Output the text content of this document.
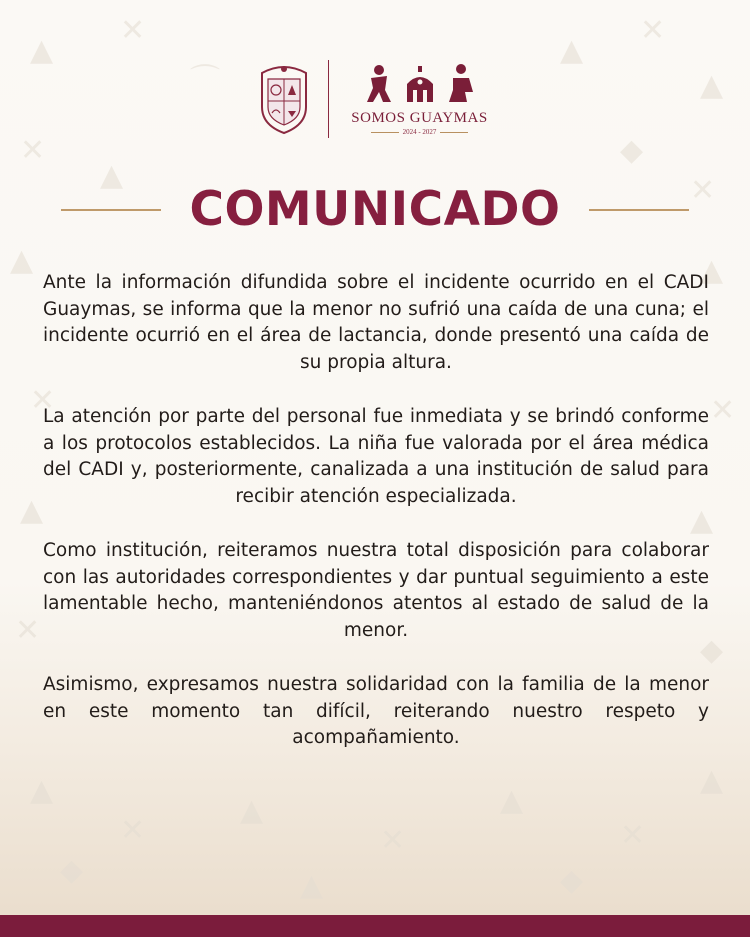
▲
✕
⌒
▲
✕
▲
✕
▲
◆
✕
▲	▲
✕	✕
▲	▲
✕
◆
▲
✕
▲
✕
▲
✕
▲
◆	▲	◆
SOMOS GUAYMAS
2024 - 2027
COMUNICADO

Ante la información difundida sobre el incidente ocurrido en el CADI Guaymas, se informa que la menor no sufrió una caída de una cuna; el incidente ocurrió en el área de lactancia, donde presentó una caída de su propia altura.

La atención por parte del personal fue inmediata y se brindó conforme a los protocolos establecidos. La niña fue valorada por el área médica del CADI y, posteriormente, canalizada a una institución de salud para recibir atención especializada.

Como institución, reiteramos nuestra total disposición para colaborar con las autoridades correspondientes y dar puntual seguimiento a este lamentable hecho, manteniéndonos atentos al estado de salud de la menor.

Asimismo, expresamos nuestra solidaridad con la familia de la menor en este momento tan difícil, reiterando nuestro respeto y acompañamiento.
